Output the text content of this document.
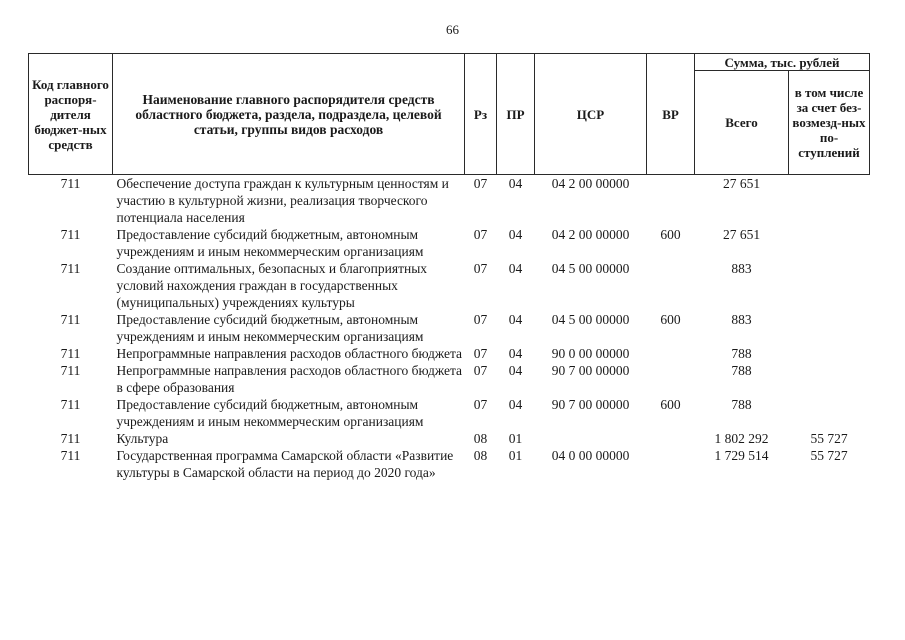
66
Код главного распоря-дителя бюджет-ных средств	Наименование главного распорядителя средств областного бюджета, раздела, подраздела, целевой статьи, группы видов расходов	Рз	ПР	ЦСР	ВР	Сумма, тыс. рублей	
						Всего	в том числе за счет без-возмезд-ных по-ступлений
711	Обеспечение доступа граждан к культурным ценностям и участию в культурной жизни, реализация творческого потенциала населения	07	04	04 2 00 00000		27 651	
711	Предоставление субсидий бюджетным, автономным учреждениям и иным некоммерческим организациям	07	04	04 2 00 00000	600	27 651	
711	Создание оптимальных, безопасных и благоприятных условий нахождения граждан в государственных (муниципальных) учреждениях культуры	07	04	04 5 00 00000		883	
711	Предоставление субсидий бюджетным, автономным учреждениям и иным некоммерческим организациям	07	04	04 5 00 00000	600	883	
711	Непрограммные направления расходов областного бюджета	07	04	90 0 00 00000		788	
711	Непрограммные направления расходов областного бюджета в сфере образования	07	04	90 7 00 00000		788	
711	Предоставление субсидий бюджетным, автономным учреждениям и иным некоммерческим организациям	07	04	90 7 00 00000	600	788	
711	Культура	08	01			1 802 292	55 727
711	Государственная программа Самарской области «Развитие культуры в Самарской области на период до 2020 года»	08	01	04 0 00 00000		1 729 514	55 727
